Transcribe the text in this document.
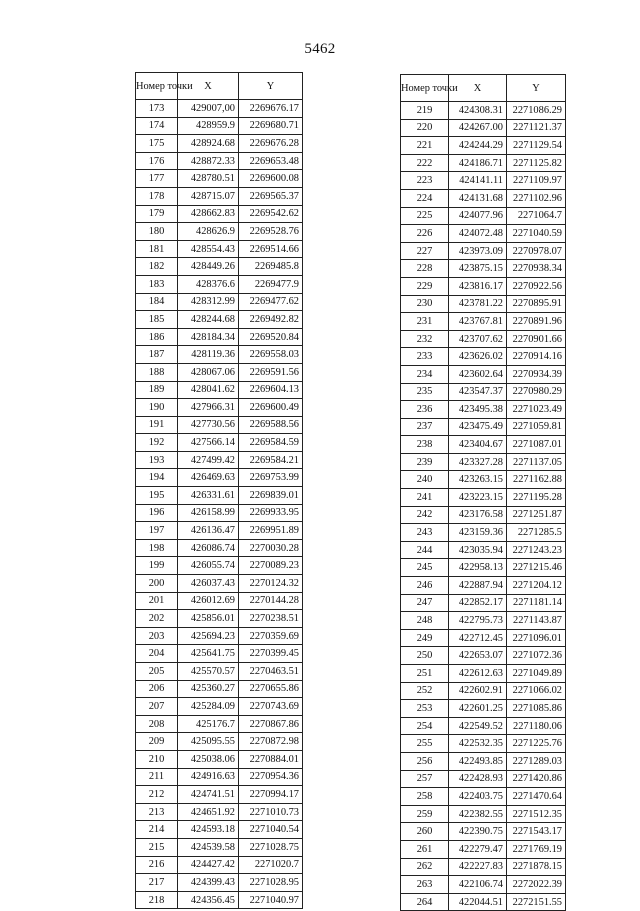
5462
Номер точки	X	Y
173	429007,00	2269676.17
174	428959.9	2269680.71
175	428924.68	2269676.28
176	428872.33	2269653.48
177	428780.51	2269600.08
178	428715.07	2269565.37
179	428662.83	2269542.62
180	428626.9	2269528.76
181	428554.43	2269514.66
182	428449.26	2269485.8
183	428376.6	2269477.9
184	428312.99	2269477.62
185	428244.68	2269492.82
186	428184.34	2269520.84
187	428119.36	2269558.03
188	428067.06	2269591.56
189	428041.62	2269604.13
190	427966.31	2269600.49
191	427730.56	2269588.56
192	427566.14	2269584.59
193	427499.42	2269584.21
194	426469.63	2269753.99
195	426331.61	2269839.01
196	426158.99	2269933.95
197	426136.47	2269951.89
198	426086.74	2270030.28
199	426055.74	2270089.23
200	426037.43	2270124.32
201	426012.69	2270144.28
202	425856.01	2270238.51
203	425694.23	2270359.69
204	425641.75	2270399.45
205	425570.57	2270463.51
206	425360.27	2270655.86
207	425284.09	2270743.69
208	425176.7	2270867.86
209	425095.55	2270872.98
210	425038.06	2270884.01
211	424916.63	2270954.36
212	424741.51	2270994.17
213	424651.92	2271010.73
214	424593.18	2271040.54
215	424539.58	2271028.75
216	424427.42	2271020.7
217	424399.43	2271028.95
218	424356.45	2271040.97
Номер точки	X	Y
219	424308.31	2271086.29
220	424267.00	2271121.37
221	424244.29	2271129.54
222	424186.71	2271125.82
223	424141.11	2271109.97
224	424131.68	2271102.96
225	424077.96	2271064.7
226	424072.48	2271040.59
227	423973.09	2270978.07
228	423875.15	2270938.34
229	423816.17	2270922.56
230	423781.22	2270895.91
231	423767.81	2270891.96
232	423707.62	2270901.66
233	423626.02	2270914.16
234	423602.64	2270934.39
235	423547.37	2270980.29
236	423495.38	2271023.49
237	423475.49	2271059.81
238	423404.67	2271087.01
239	423327.28	2271137.05
240	423263.15	2271162.88
241	423223.15	2271195.28
242	423176.58	2271251.87
243	423159.36	2271285.5
244	423035.94	2271243.23
245	422958.13	2271215.46
246	422887.94	2271204.12
247	422852.17	2271181.14
248	422795.73	2271143.87
249	422712.45	2271096.01
250	422653.07	2271072.36
251	422612.63	2271049.89
252	422602.91	2271066.02
253	422601.25	2271085.86
254	422549.52	2271180.06
255	422532.35	2271225.76
256	422493.85	2271289.03
257	422428.93	2271420.86
258	422403.75	2271470.64
259	422382.55	2271512.35
260	422390.75	2271543.17
261	422279.47	2271769.19
262	422227.83	2271878.15
263	422106.74	2272022.39
264	422044.51	2272151.55
